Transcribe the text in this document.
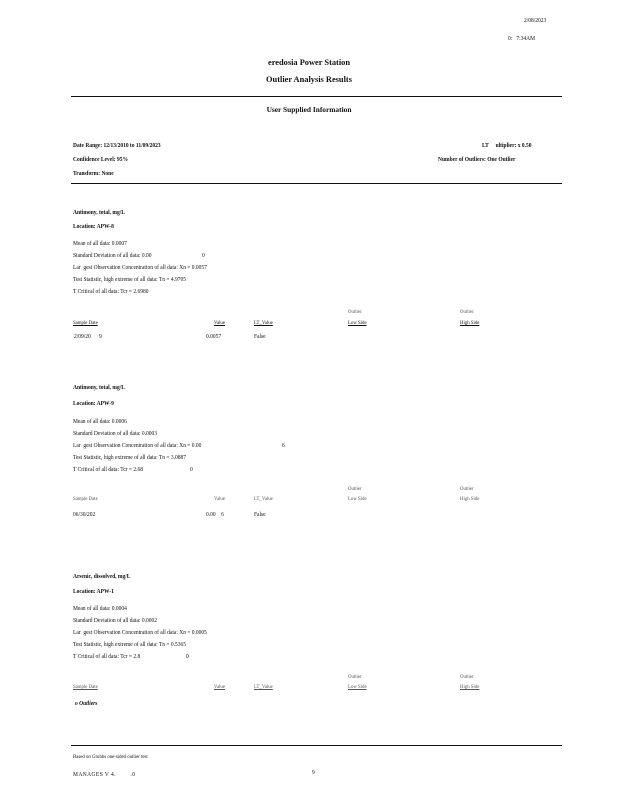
2/08/2023
0:   7:34AM
eredosia Power Station
Outlier Analysis Results
User Supplied Information
Date Range: 12/13/2010 to 11/09/2023	LT     ultiplier: x 0.50
Confidence Level: 95%	Number of Outliers: One Outlier
Transform: None
Antimony, total, mg/L
Location: APW-8
Mean of all data: 0.0007
Standard Deviation of all data: 0.00	0
Lar  gest Observation Concentration of all data: Xn = 0.0057
Test Statistic, high extreme of all data: Tn = 4.9705
T Critical of all data: Tcr = 2.6980
Outlier	Outlier
Sample Date	Value	LT_Value	Low Side	High Side
2/09/20      9	0.0057	False
Antimony, total, mg/L
Location: APW-9
Mean of all data: 0.0006
Standard Deviation of all data: 0.0003
Lar  gest Observation Concentration of all data: Xn = 0.00	6
Test Statistic, high extreme of all data: Tn = 3.0887
T Critical of all data: Tcr = 2.68	0
Outlier	Outlier
Sample Date	Value	LT_Value	Low Side	High Side
06/30/202	0.00    6	False
Arsenic, dissolved, mg/L
Location: APW-1
Mean of all data: 0.0004
Standard Deviation of all data: 0.0002
Lar  gest Observation Concentration of all data: Xn = 0.0005
Test Statistic, high extreme of all data: Tn = 0.5365
T Critical of all data: Tcr = 2.8	0
Outlier	Outlier
Sample Date	Value	LT_Value	Low Side	High Side
o Outliers
Based on Grubbs one-sided outlier test
MANAGES V 4.        .0	9
